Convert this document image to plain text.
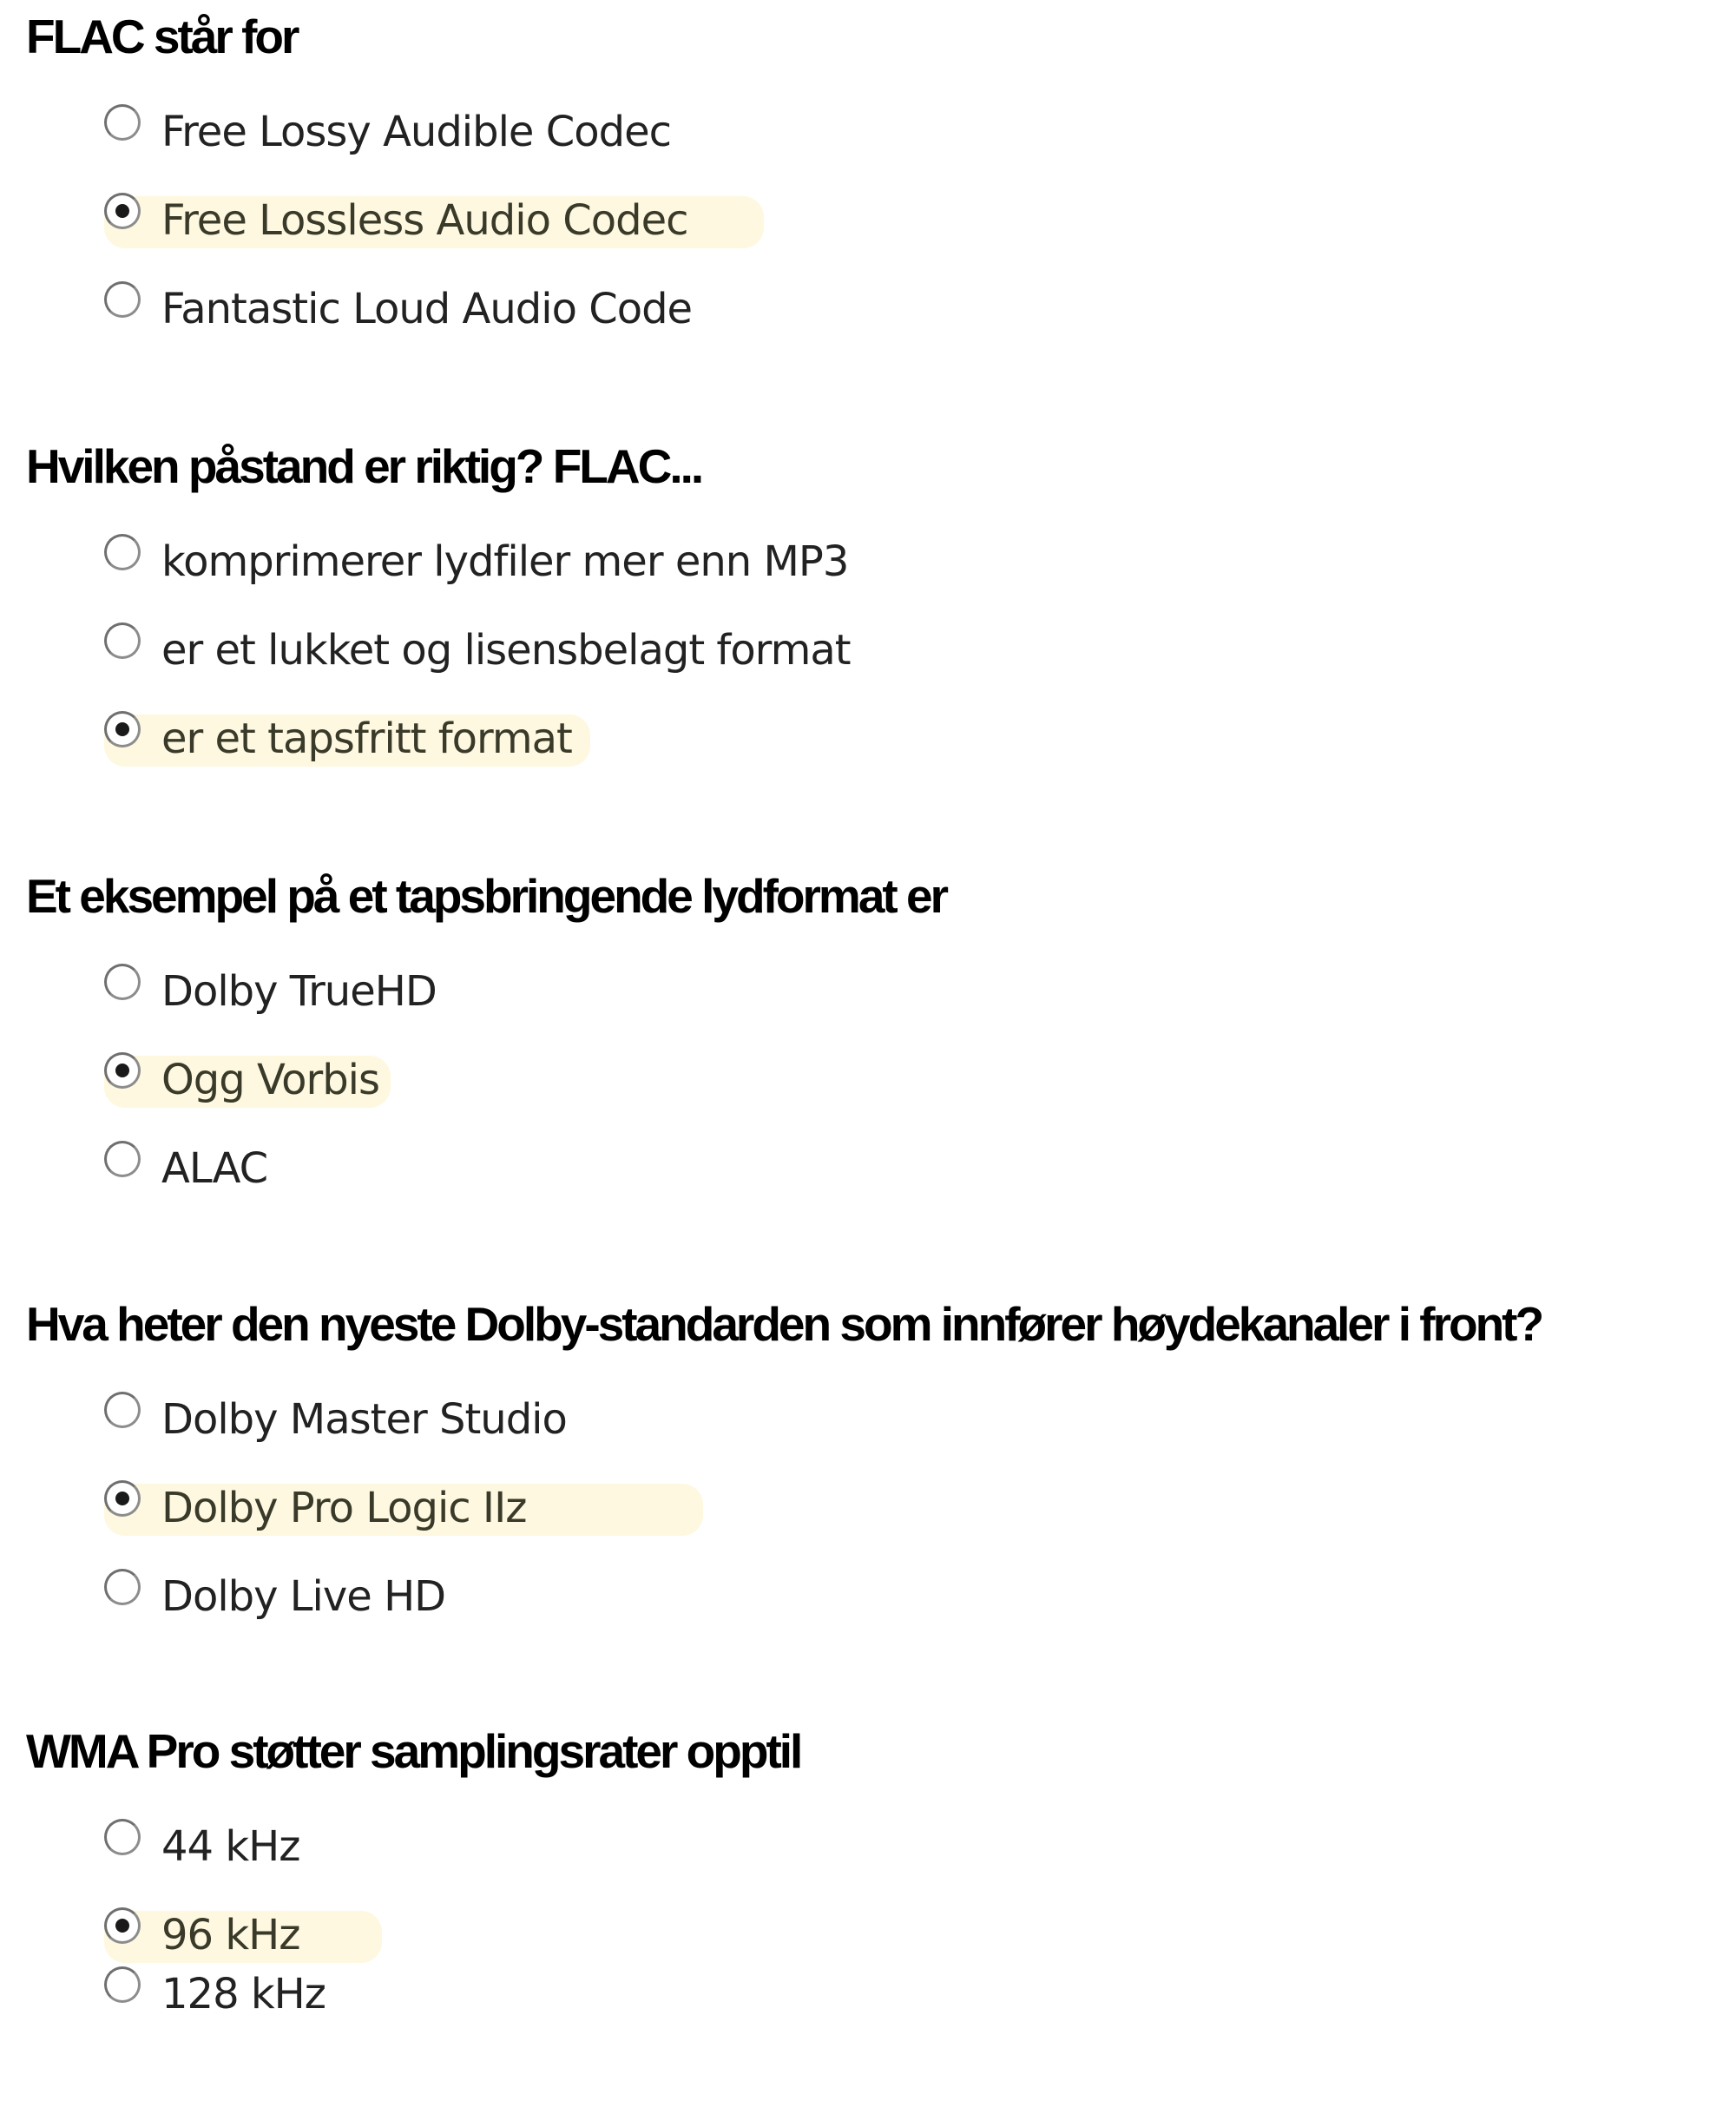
FLAC står for
Free Lossy Audible Codec
Free Lossless Audio Codec
Fantastic Loud Audio Code
Hvilken påstand er riktig? FLAC...
komprimerer lydfiler mer enn MP3
er et lukket og lisensbelagt format
er et tapsfritt format
Et eksempel på et tapsbringende lydformat er
Dolby TrueHD
Ogg Vorbis
ALAC
Hva heter den nyeste Dolby-standarden som innfører høydekanaler i front?
Dolby Master Studio
Dolby Pro Logic IIz
Dolby Live HD
WMA Pro støtter samplingsrater opptil
44 kHz
96 kHz
128 kHz
